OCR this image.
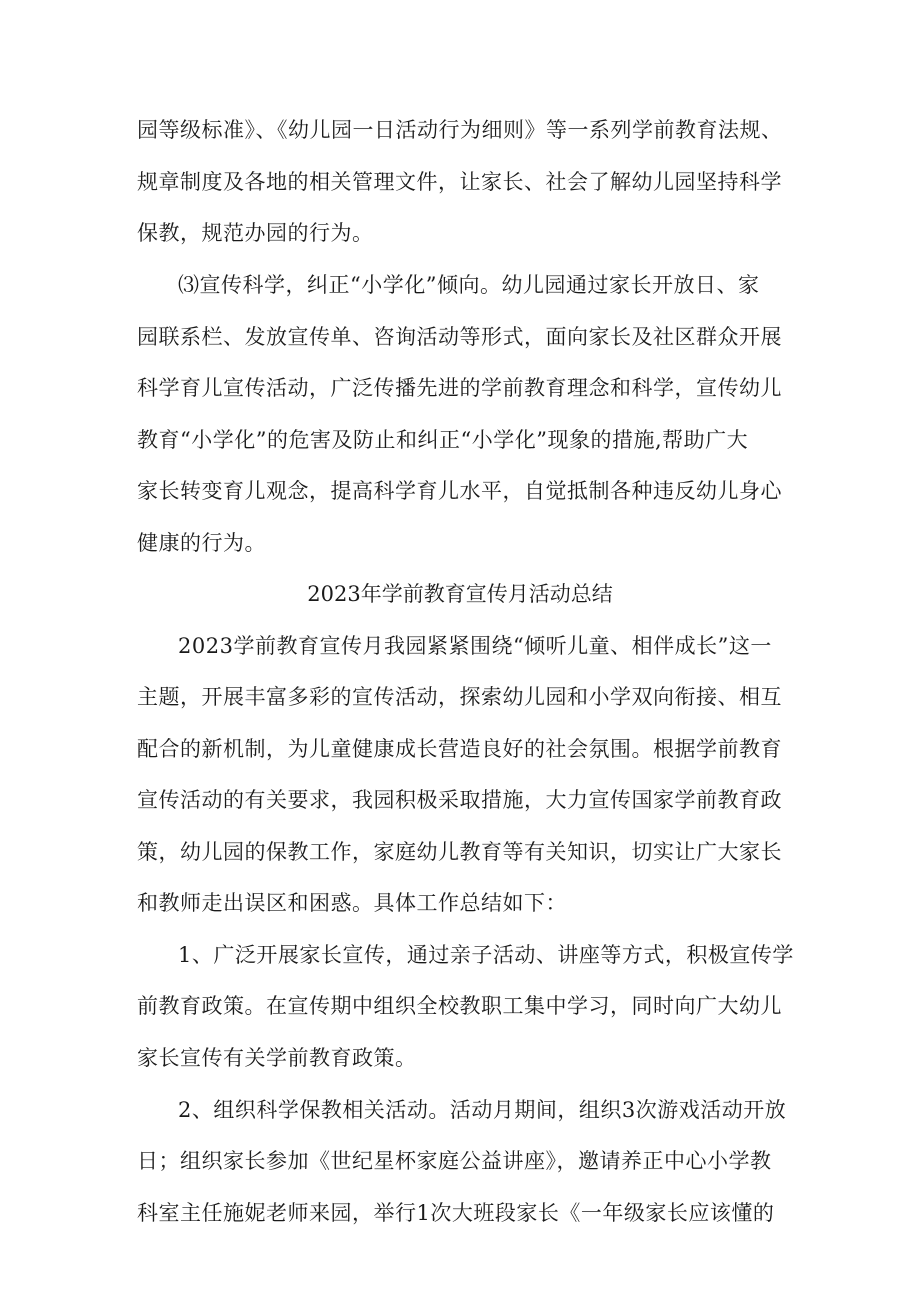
园等级标准》、《幼儿园一日活动行为细则》等一系列学前教育法规、
规章制度及各地的相关管理文件，让家长、社会了解幼儿园坚持科学
保教，规范办园的行为。
⑶宣传科学，纠正“小学化”倾向。幼儿园通过家长开放日、家
园联系栏、发放宣传单、咨询活动等形式，面向家长及社区群众开展
科学育儿宣传活动，广泛传播先进的学前教育理念和科学，宣传幼儿
教育“小学化”的危害及防止和纠正“小学化”现象的措施,帮助广大
家长转变育儿观念，提高科学育儿水平，自觉抵制各种违反幼儿身心
健康的行为。
2023年学前教育宣传月活动总结
2023学前教育宣传月我园紧紧围绕“倾听儿童、相伴成长”这一
主题，开展丰富多彩的宣传活动，探索幼儿园和小学双向衔接、相互
配合的新机制，为儿童健康成长营造良好的社会氛围。根据学前教育
宣传活动的有关要求，我园积极采取措施，大力宣传国家学前教育政
策，幼儿园的保教工作，家庭幼儿教育等有关知识，切实让广大家长
和教师走出误区和困惑。具体工作总结如下：
1、广泛开展家长宣传，通过亲子活动、讲座等方式，积极宣传学
前教育政策。在宣传期中组织全校教职工集中学习，同时向广大幼儿
家长宣传有关学前教育政策。
2、组织科学保教相关活动。活动月期间，组织3次游戏活动开放
日；组织家长参加《世纪星杯家庭公益讲座》，邀请养正中心小学教
科室主任施妮老师来园，举行1次大班段家长《一年级家长应该懂的
